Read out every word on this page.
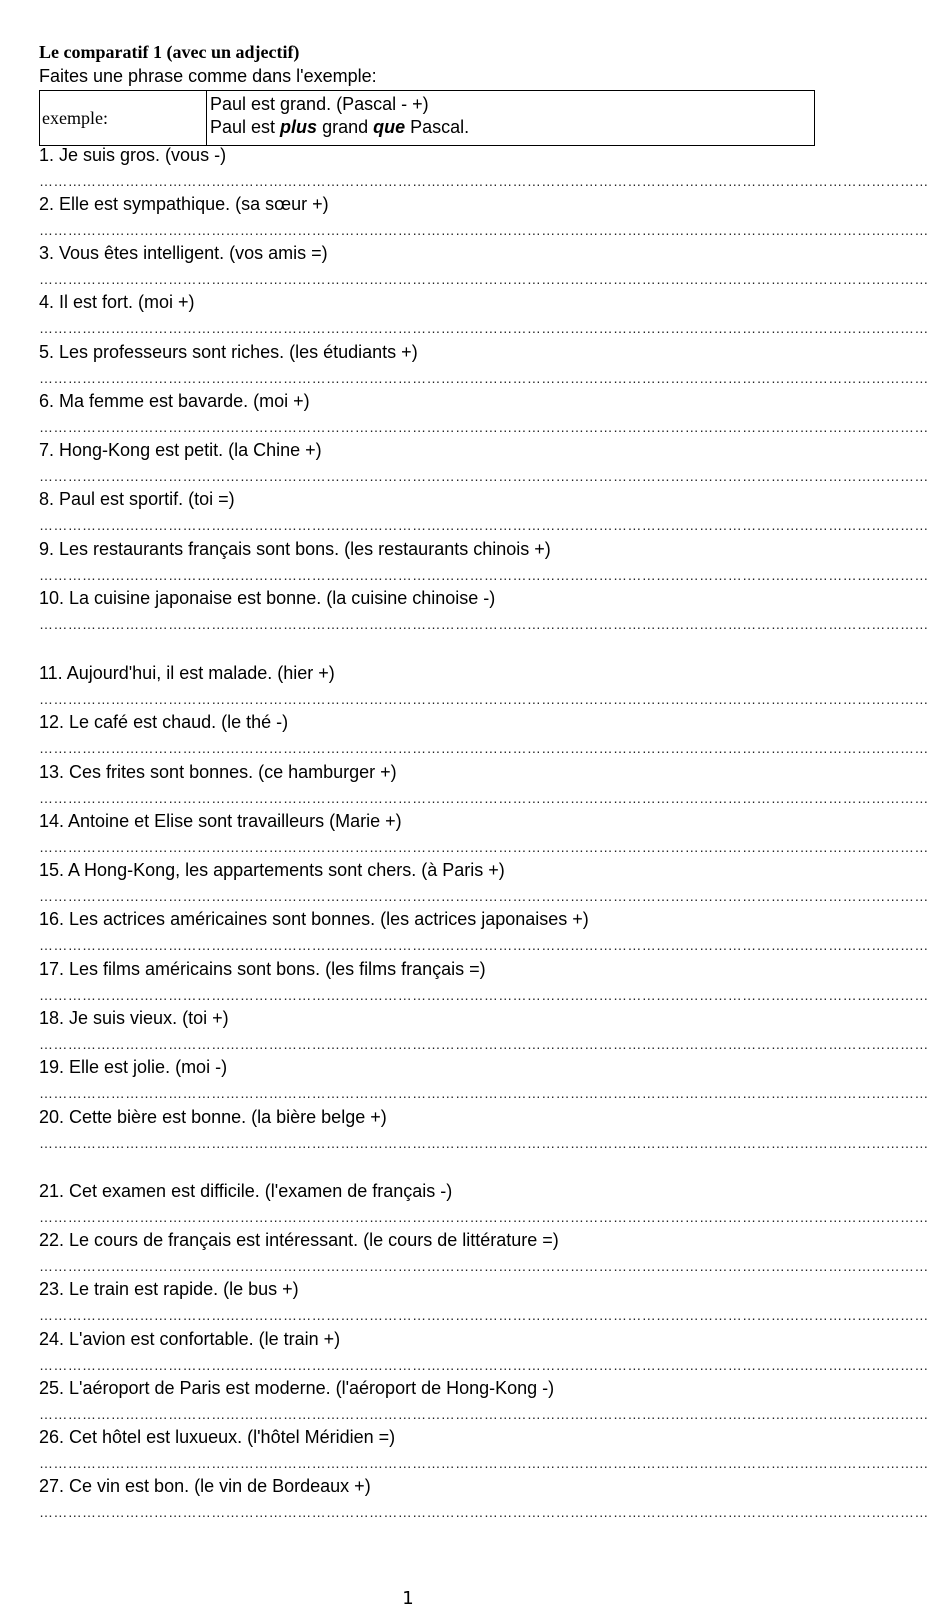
Le comparatif 1 (avec un adjectif)
Faites une phrase comme dans l'exemple:
exemple:
Paul est grand. (Pascal - +)
Paul est plus grand que Pascal.
1. Je suis gros. (vous -)
……………………………………………………………………………………………………………………………………………………………………
2. Elle est sympathique. (sa sœur +)
……………………………………………………………………………………………………………………………………………………………………
3. Vous êtes intelligent. (vos amis =)
……………………………………………………………………………………………………………………………………………………………………
4. Il est fort. (moi +)
……………………………………………………………………………………………………………………………………………………………………
5. Les professeurs sont riches. (les étudiants +)
……………………………………………………………………………………………………………………………………………………………………
6. Ma femme est bavarde. (moi +)
……………………………………………………………………………………………………………………………………………………………………
7. Hong-Kong est petit. (la Chine +)
……………………………………………………………………………………………………………………………………………………………………
8. Paul est sportif. (toi =)
……………………………………………………………………………………………………………………………………………………………………
9. Les restaurants français sont bons. (les restaurants chinois +)
……………………………………………………………………………………………………………………………………………………………………
10. La cuisine japonaise est bonne. (la cuisine chinoise -)
……………………………………………………………………………………………………………………………………………………………………
11. Aujourd'hui, il est malade. (hier +)
……………………………………………………………………………………………………………………………………………………………………
12. Le café est chaud. (le thé -)
……………………………………………………………………………………………………………………………………………………………………
13. Ces frites sont bonnes. (ce hamburger +)
……………………………………………………………………………………………………………………………………………………………………
14. Antoine et Elise sont travailleurs (Marie +)
……………………………………………………………………………………………………………………………………………………………………
15. A Hong-Kong, les appartements sont chers. (à Paris +)
……………………………………………………………………………………………………………………………………………………………………
16. Les actrices américaines sont bonnes. (les actrices japonaises +)
……………………………………………………………………………………………………………………………………………………………………
17. Les films américains sont bons. (les films français =)
……………………………………………………………………………………………………………………………………………………………………
18. Je suis vieux. (toi +)
……………………………………………………………………………………………………………………………………………………………………
19. Elle est jolie. (moi -)
……………………………………………………………………………………………………………………………………………………………………
20. Cette bière est bonne. (la bière belge +)
……………………………………………………………………………………………………………………………………………………………………
21. Cet examen est difficile. (l'examen de français -)
……………………………………………………………………………………………………………………………………………………………………
22. Le cours de français est intéressant. (le cours de littérature =)
……………………………………………………………………………………………………………………………………………………………………
23. Le train est rapide. (le bus +)
……………………………………………………………………………………………………………………………………………………………………
24. L'avion est confortable. (le train +)
……………………………………………………………………………………………………………………………………………………………………
25. L'aéroport de Paris est moderne. (l'aéroport de Hong-Kong -)
……………………………………………………………………………………………………………………………………………………………………
26. Cet hôtel est luxueux. (l'hôtel Méridien =)
……………………………………………………………………………………………………………………………………………………………………
27. Ce vin est bon. (le vin de Bordeaux +)
……………………………………………………………………………………………………………………………………………………………………
1
